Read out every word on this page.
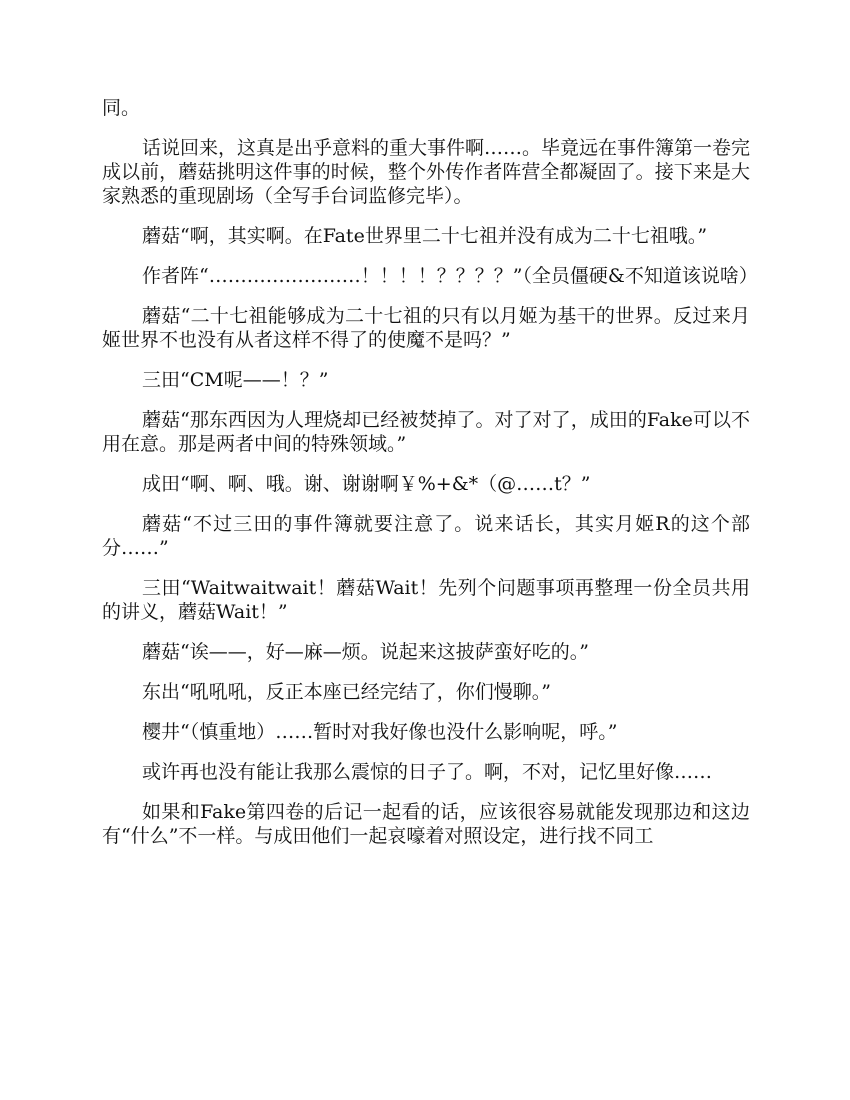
同。

话说回来，这真是出乎意料的重大事件啊……。毕竟远在事件簿第一卷完成以前，蘑菇挑明这件事的时候，整个外传作者阵营全都凝固了。接下来是大家熟悉的重现剧场（全写手台词监修完毕）。

蘑菇“啊，其实啊。在Fate世界里二十七祖并没有成为二十七祖哦。”

作者阵“……………………！！！！？？？？”（全员僵硬&不知道该说啥）

蘑菇“二十七祖能够成为二十七祖的只有以月姬为基干的世界。反过来月姬世界不也没有从者这样不得了的使魔不是吗？”

三田“CM呢——！？”

蘑菇“那东西因为人理烧却已经被焚掉了。对了对了，成田的Fake可以不用在意。那是两者中间的特殊领域。”

成田“啊、啊、哦。谢、谢谢啊￥%+&*（@……t？”

蘑菇“不过三田的事件簿就要注意了。说来话长，其实月姬R的这个部分……”

三田“Waitwaitwait！蘑菇Wait！先列个问题事项再整理一份全员共用的讲义，蘑菇Wait！”

蘑菇“诶——，好—麻—烦。说起来这披萨蛮好吃的。”

东出“吼吼吼，反正本座已经完结了，你们慢聊。”

樱井“（慎重地）……暂时对我好像也没什么影响呢，呼。”

或许再也没有能让我那么震惊的日子了。啊，不对，记忆里好像……

如果和Fake第四卷的后记一起看的话，应该很容易就能发现那边和这边有“什么”不一样。与成田他们一起哀嚎着对照设定，进行找不同工
